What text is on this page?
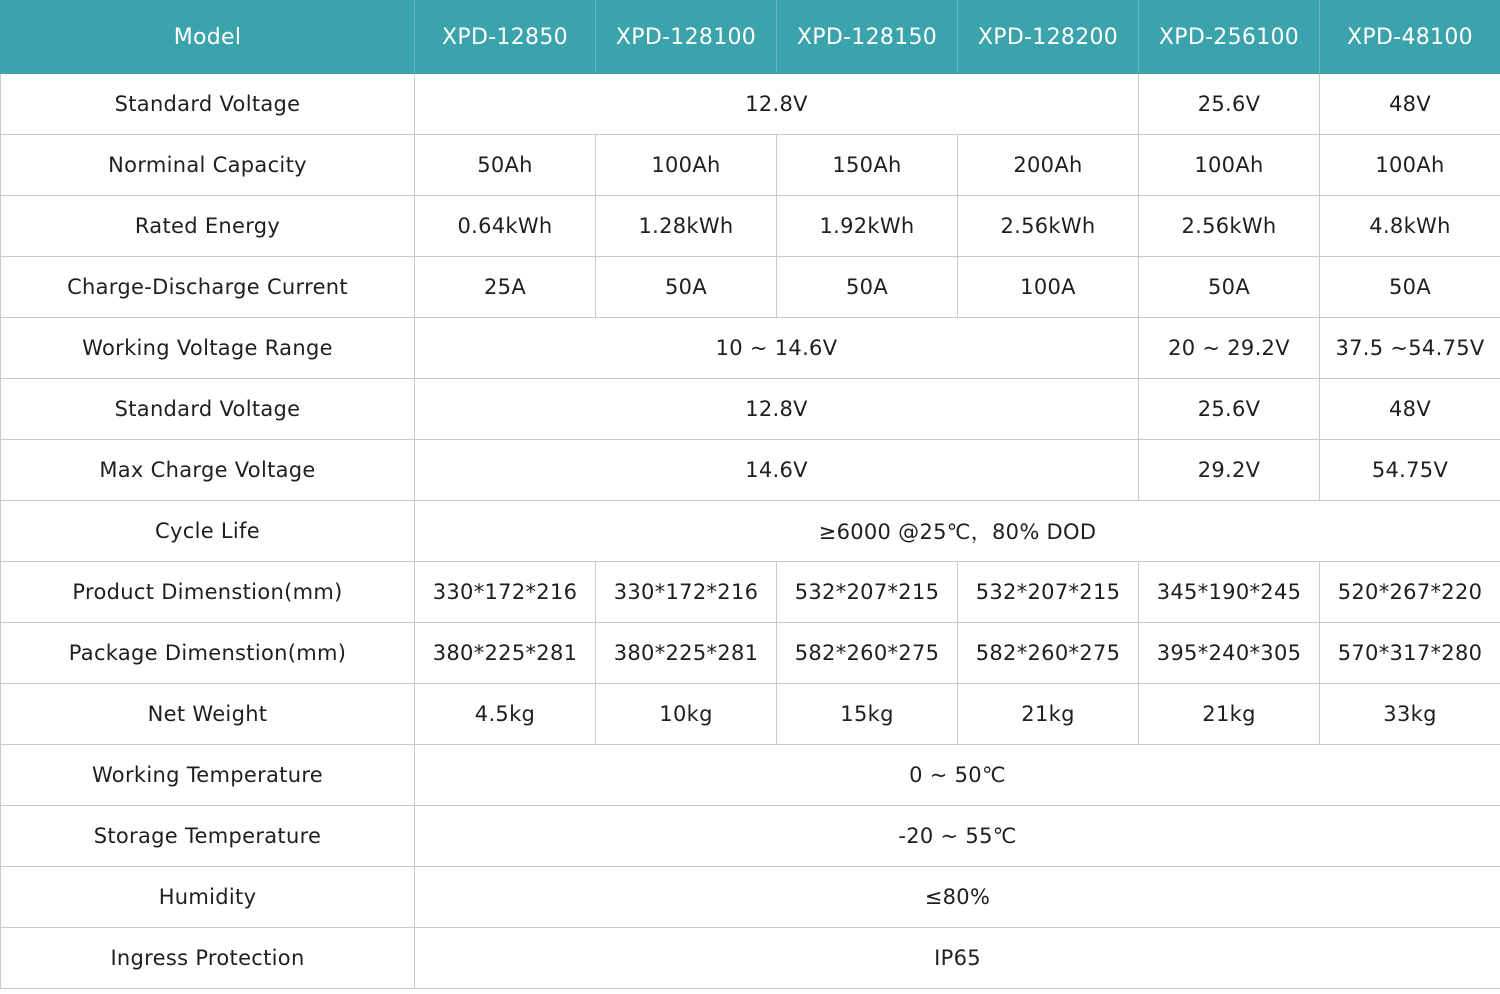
Model	XPD-12850	XPD-128100	XPD-128150	XPD-128200	XPD-256100	XPD-48100
Standard Voltage	12.8V				25.6V	48V
Norminal Capacity	50Ah	100Ah	150Ah	200Ah	100Ah	100Ah
Rated Energy	0.64kWh	1.28kWh	1.92kWh	2.56kWh	2.56kWh	4.8kWh
Charge-Discharge Current	25A	50A	50A	100A	50A	50A
Working Voltage Range	10 ~ 14.6V				20 ~ 29.2V	37.5 ~54.75V
Standard Voltage	12.8V				25.6V	48V
Max Charge Voltage	14.6V				29.2V	54.75V
Cycle Life	≥6000 @25℃，80% DOD					
Product Dimenstion(mm)	330*172*216	330*172*216	532*207*215	532*207*215	345*190*245	520*267*220
Package Dimenstion(mm)	380*225*281	380*225*281	582*260*275	582*260*275	395*240*305	570*317*280
Net Weight	4.5kg	10kg	15kg	21kg	21kg	33kg
Working Temperature	0 ~ 50℃					
Storage Temperature	-20 ~ 55℃					
Humidity	≤80%					
Ingress Protection	IP65					
